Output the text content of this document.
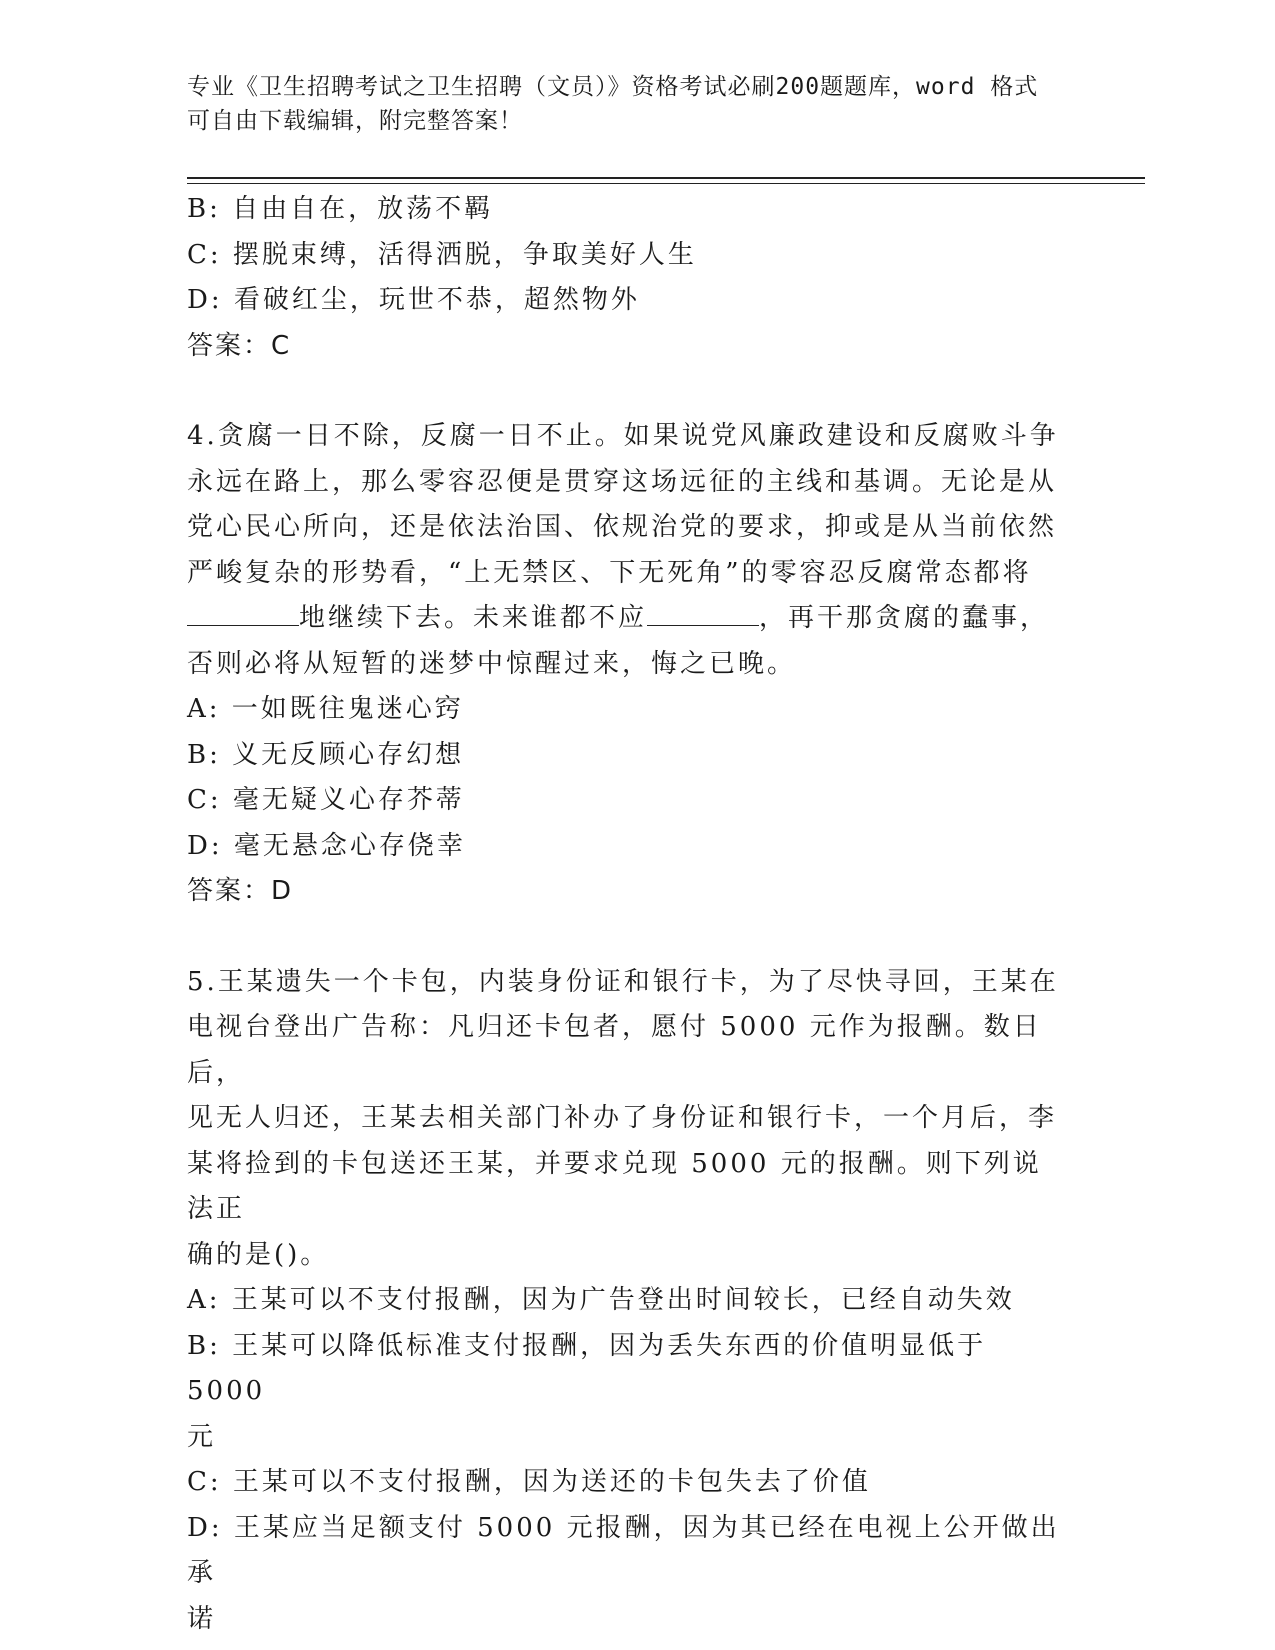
专业《卫生招聘考试之卫生招聘（文员）》资格考试必刷200题题库，word 格式
可自由下载编辑，附完整答案！

B: 自由自在，放荡不羁

C: 摆脱束缚，活得洒脱，争取美好人生

D: 看破红尘，玩世不恭，超然物外

答案：C

4.贪腐一日不除，反腐一日不止。如果说党风廉政建设和反腐败斗争

永远在路上，那么零容忍便是贯穿这场远征的主线和基调。无论是从

党心民心所向，还是依法治国、依规治党的要求，抑或是从当前依然

严峻复杂的形势看，“上无禁区、下无死角”的零容忍反腐常态都将

地继续下去。未来谁都不应	，再干那贪腐的蠢事，

否则必将从短暂的迷梦中惊醒过来，悔之已晚。

A: 一如既往鬼迷心窍

B: 义无反顾心存幻想

C: 毫无疑义心存芥蒂

D: 毫无悬念心存侥幸

答案：D

5.王某遗失一个卡包，内装身份证和银行卡，为了尽快寻回，王某在

电视台登出广告称：凡归还卡包者，愿付 5000 元作为报酬。数日后，

见无人归还，王某去相关部门补办了身份证和银行卡，一个月后，李

某将捡到的卡包送还王某，并要求兑现 5000 元的报酬。则下列说法正

确的是()。

A: 王某可以不支付报酬，因为广告登出时间较长，已经自动失效

B: 王某可以降低标准支付报酬，因为丢失东西的价值明显低于 5000

元

C: 王某可以不支付报酬，因为送还的卡包失去了价值

D: 王某应当足额支付 5000 元报酬，因为其已经在电视上公开做出承

诺
